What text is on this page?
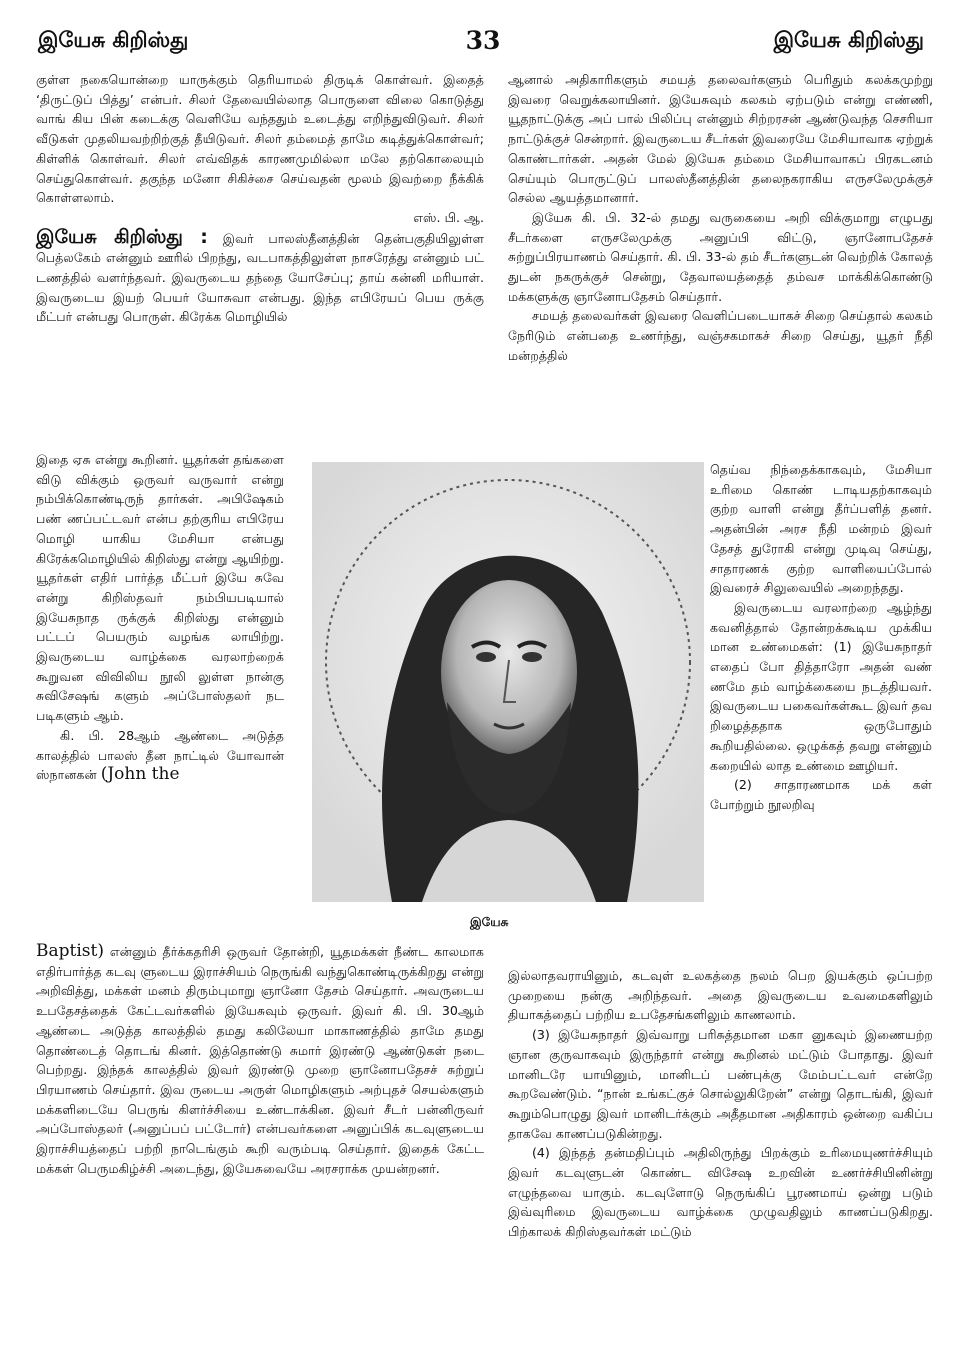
இயேசு கிறிஸ்து	33	இயேசு கிறிஸ்து

குள்ள நகையொன்றை யாருக்கும் தெரியாமல் திருடிக் கொள்வர். இதைத் ‘திருட்டுப் பித்து’ என்பர். சிலர் தேவையில்லாத பொருளை விலை கொடுத்து வாங் கிய பின் கடைக்கு வெளியே வந்ததும் உடைத்து எறிந்துவிடுவர். சிலர் வீடுகள் முதலியவற்றிற்குத் தீயிடுவர். சிலர் தம்மைத் தாமே கடித்துக்கொள்வர்; கிள்ளிக் கொள்வர். சிலர் எவ்விதக் காரணமுமில்லா மலே தற்கொலையும் செய்துகொள்வர். தகுந்த மனோ சிகிச்சை செய்வதன் மூலம் இவற்றை நீக்கிக் கொள்ளலாம்.

எஸ். பி. ஆ.

இயேசு கிறிஸ்து : இவர் பாலஸ்தீனத்தின் தென்பகுதியிலுள்ள பெத்லகேம் என்னும் ஊரில் பிறந்து, வடபாகத்திலுள்ள நாசரேத்து என்னும் பட் டணத்தில் வளர்ந்தவர். இவருடைய தந்தை யோசேப்பு; தாய் கன்னி மரியாள். இவருடைய இயற் பெயர் யோசுவா என்பது. இந்த எபிரேயப் பெய ருக்கு மீட்பர் என்பது பொருள். கிரேக்க மொழியில்

இதை ஏசு என்று கூறினர். யூதர்கள் தங்களை விடு விக்கும் ஒருவர் வருவார் என்று நம்பிக்கொண்டிருந் தார்கள். அபிஷேகம் பண் ணப்பட்டவர் என்ப தற்குரிய எபிரேய மொழி யாகிய மேசியா என்பது கிரேக்கமொழியில் கிறிஸ்து என்று ஆயிற்று. யூதர்கள் எதிர் பார்த்த மீட்பர் இயே சுவே என்று கிறிஸ்தவர் நம்பியபடியால் இயேசுநாத ருக்குக் கிறிஸ்து என்னும் பட்டப் பெயரும் வழங்க லாயிற்று. இவருடைய வாழ்க்கை வரலாற்றைக் கூறுவன விவிலிய நூலி லுள்ள நான்கு சுவிசேஷங் களும் அப்போஸ்தலர் நட படிகளும் ஆம்.

கி. பி. 28ஆம் ஆண்டை அடுத்த காலத்தில் பாலஸ் தீன நாட்டில் யோவான் ஸ்நானகன் (John the

இயேசு

ஆனால் அதிகாரிகளும் சமயத் தலைவர்களும் பெரிதும் கலக்கமுற்று இவரை வெறுக்கலாயினர். இயேசுவும் கலகம் ஏற்படும் என்று எண்ணி, யூதநாட்டுக்கு அப் பால் பிலிப்பு என்னும் சிற்றரசன் ஆண்டுவந்த செசரியா நாட்டுக்குச் சென்றார். இவருடைய சீடர்கள் இவரையே மேசியாவாக ஏற்றுக் கொண்டார்கள். அதன் மேல் இயேசு தம்மை மேசியாவாகப் பிரகடனம் செய்யும் பொருட்டுப் பாலஸ்தீனத்தின் தலைநகராகிய எருசலேமுக்குச் செல்ல ஆயத்தமானார்.

இயேசு கி. பி. 32-ல் தமது வருகையை அறி விக்குமாறு எழுபது சீடர்களை எருசலேமுக்கு அனுப்பி விட்டு, ஞானோபதேசச் சுற்றுப்பிரயாணம் செய்தார். கி. பி. 33-ல் தம் சீடர்களுடன் வெற்றிக் கோலத் துடன் நகருக்குச் சென்று, தேவாலயத்தைத் தம்வச மாக்கிக்கொண்டு மக்களுக்கு ஞானோபதேசம் செய்தார்.

சமயத் தலைவர்கள் இவரை வெளிப்படையாகச் சிறை செய்தால் கலகம் நேரிடும் என்பதை உணர்ந்து, வஞ்சகமாகச் சிறை செய்து, யூதர் நீதி மன்றத்தில்

தெய்வ நிந்தைக்காகவும், மேசியா உரிமை கொண் டாடியதற்காகவும் குற்ற வாளி என்று தீர்ப்பளித் தனர். அதன்பின் அரச நீதி மன்றம் இவர் தேசத் துரோகி என்று முடிவு செய்து, சாதாரணக் குற்ற வாளியைப்போல் இவரைச் சிலுவையில் அறைந்தது.

இவருடைய வரலாற்றை ஆழ்ந்து கவனித்தால் தோன்றக்கூடிய முக்கிய மான உண்மைகள்: (1) இயேசுநாதர் எதைப் போ தித்தாரோ அதன் வண் ணமே தம் வாழ்க்கையை நடத்தியவர். இவருடைய பகைவர்கள்கூட இவர் தவ றிழைத்ததாக ஒருபோதும் கூறியதில்லை. ஒழுக்கத் தவறு என்னும் கறையில் லாத உண்மை ஊழியர்.

(2) சாதாரணமாக மக் கள் போற்றும் நூலறிவு

Baptist) என்னும் தீர்க்கதரிசி ஒருவர் தோன்றி, யூதமக்கள் நீண்ட காலமாக எதிர்பார்த்த கடவு ளுடைய இராச்சியம் நெருங்கி வந்துகொண்டிருக்கிறது என்று அறிவித்து, மக்கள் மனம் திரும்புமாறு ஞானோ தேசம் செய்தார். அவருடைய உபதேசத்தைக் கேட்டவர்களில் இயேசுவும் ஒருவர். இவர் கி. பி. 30ஆம் ஆண்டை அடுத்த காலத்தில் தமது கலிலேயா மாகாணத்தில் தாமே தமது தொண்டைத் தொடங் கினர். இத்தொண்டு சுமார் இரண்டு ஆண்டுகள் நடை பெற்றது. இந்தக் காலத்தில் இவர் இரண்டு முறை ஞானோபதேசச் சுற்றுப் பிரயாணம் செய்தார். இவ ருடைய அருள் மொழிகளும் அற்புதச் செயல்களும் மக்களிடையே பெருங் கிளர்ச்சியை உண்டாக்கின. இவர் சீடர் பன்னிருவர் அப்போஸ்தலர் (அனுப்பப் பட்டோர்) என்பவர்களை அனுப்பிக் கடவுளுடைய இராச்சியத்தைப் பற்றி நாடெங்கும் கூறி வரும்படி செய்தார். இதைக் கேட்ட மக்கள் பெருமகிழ்ச்சி அடைந்து, இயேசுவையே அரசராக்க முயன்றனர்.

இல்லாதவராயினும், கடவுள் உலகத்தை நலம் பெற இயக்கும் ஒப்பற்ற முறையை நன்கு அறிந்தவர். அதை இவருடைய உவமைகளிலும் தியாகத்தைப் பற்றிய உபதேசங்களிலும் காணலாம்.

(3) இயேசுநாதர் இவ்வாறு பரிசுத்தமான மகா னுகவும் இணையற்ற ஞான குருவாகவும் இருந்தார் என்று கூறினல் மட்டும் போதாது. இவர் மானிடரே யாயினும், மானிடப் பண்புக்கு மேம்பட்டவர் என்றே கூறவேண்டும். “நான் உங்கட்குச் சொல்லுகிறேன்” என்று தொடங்கி, இவர் கூறும்பொழுது இவர் மானிடர்க்கும் அதீதமான அதிகாரம் ஒன்றை வகிப்ப தாகவே காணப்படுகின்றது.

(4) இந்தத் தன்மதிப்பும் அதிலிருந்து பிறக்கும் உரிமையுணர்ச்சியும் இவர் கடவுளுடன் கொண்ட விசேஷ உறவின் உணர்ச்சியினின்று எழுந்தவை யாகும். கடவுளோடு நெருங்கிப் பூரணமாய் ஒன்று படும் இவ்வுரிமை இவருடைய வாழ்க்கை முழுவதிலும் காணப்படுகிறது. பிற்காலக் கிறிஸ்தவர்கள் மட்டும்
